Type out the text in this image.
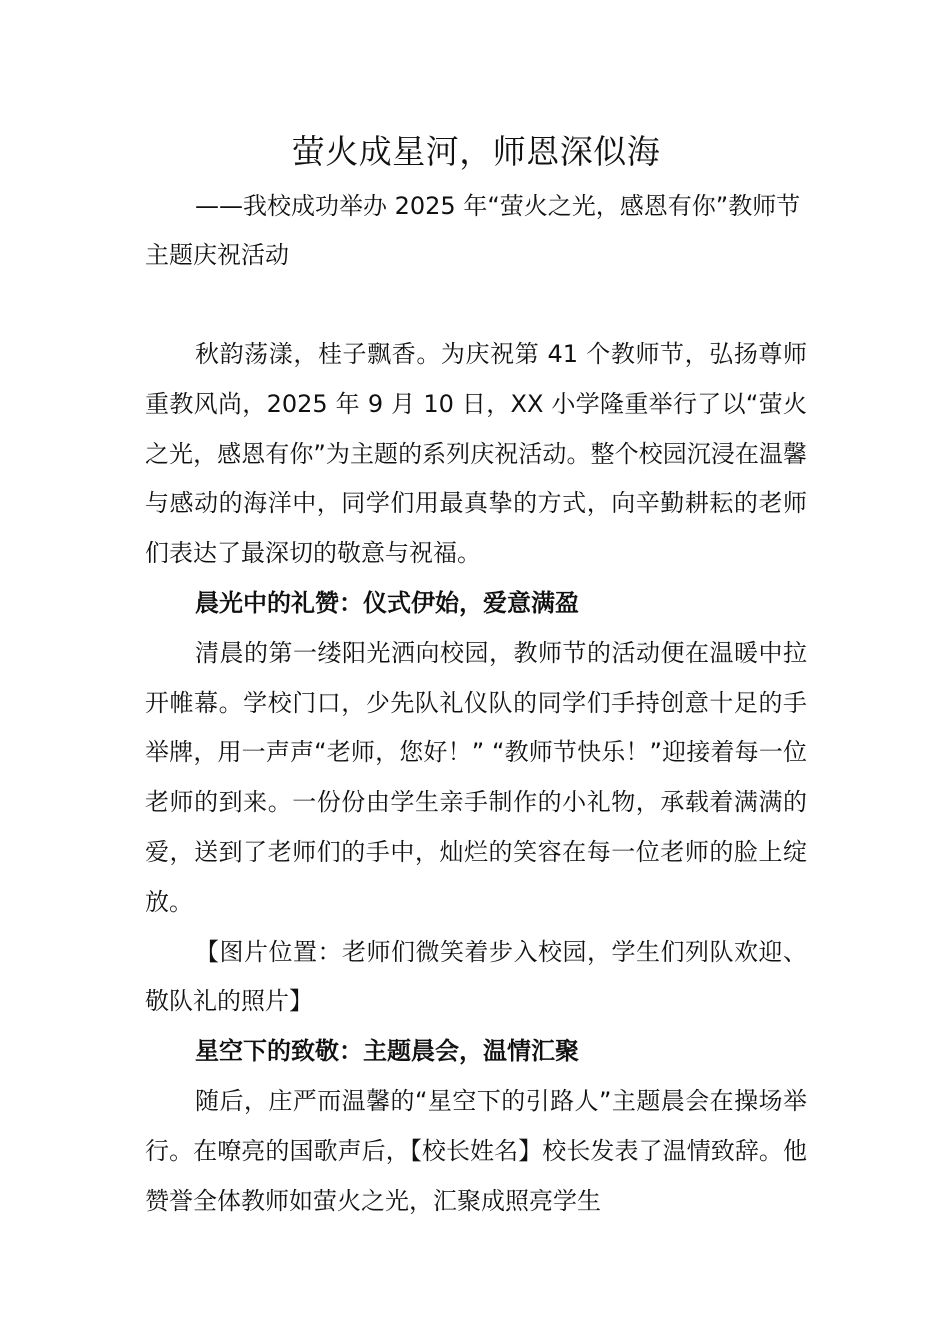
萤火成星河，师恩深似海

——我校成功举办 2025 年“萤火之光，感恩有你”教师节主题庆祝活动

秋韵荡漾，桂子飘香。为庆祝第 41 个教师节，弘扬尊师重教风尚，2025 年 9 月 10 日，XX 小学隆重举行了以“萤火之光，感恩有你”为主题的系列庆祝活动。整个校园沉浸在温馨与感动的海洋中，同学们用最真挚的方式，向辛勤耕耘的老师们表达了最深切的敬意与祝福。

晨光中的礼赞：仪式伊始，爱意满盈

清晨的第一缕阳光洒向校园，教师节的活动便在温暖中拉开帷幕。学校门口，少先队礼仪队的同学们手持创意十足的手举牌，用一声声“老师，您好！” “教师节快乐！”迎接着每一位老师的到来。一份份由学生亲手制作的小礼物，承载着满满的爱，送到了老师们的手中，灿烂的笑容在每一位老师的脸上绽放。

【图片位置：老师们微笑着步入校园，学生们列队欢迎、敬队礼的照片】

星空下的致敬：主题晨会，温情汇聚

随后，庄严而温馨的“星空下的引路人”主题晨会在操场举行。在嘹亮的国歌声后，【校长姓名】校长发表了温情致辞。他赞誉全体教师如萤火之光，汇聚成照亮学生
